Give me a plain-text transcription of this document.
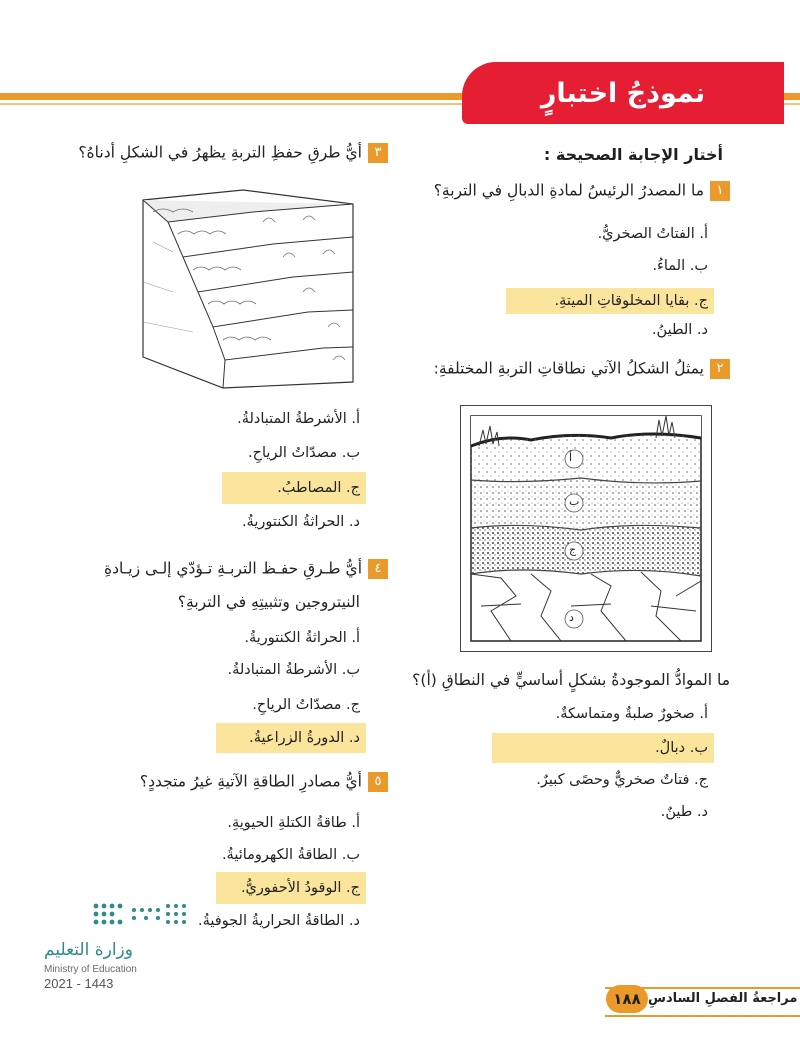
نموذجُ اختبارٍ
أختار الإجابة الصحيحة :
١ما المصدرُ الرئيسُ لمادةِ الدبالِ في التربةِ؟
أ. الفتاتُ الصخريُّ.
ب. الماءُ.
ج. بقايا المخلوقاتِ الميتةِ.
د. الطينُ.
٢يمثلُ الشكلُ الآتي نطاقاتِ التربةِ المختلفةِ:
أ
ب
ج
د
ما الموادُّ الموجودةُ بشكلٍ أساسيٍّ في النطاقِ (أ)؟
أ. صخورٌ صلبةٌ ومتماسكةٌ.
ب. دبالٌ.
ج. فتاتٌ صخريٌّ وحصًى كبيرٌ.
د. طينٌ.
٣أيُّ طرقِ حفظِ التربةِ يظهرُ في الشكلِ أدناهُ؟
أ. الأشرطةُ المتبادلةُ.
ب. مصدّاتُ الرياحِ.
ج. المصاطبُ.
د. الحراثةُ الكنتوريةُ.
٤أيُّ طـرقِ حفـظ التربـةِ تـؤدّي إلـى زيـادةِ
النيتروجين وتثبيتِهِ في التربةِ؟
أ. الحراثةُ الكنتوريةُ.
ب. الأشرطةُ المتبادلةُ.
ج. مصدّاتُ الرياحِ.
د. الدورةُ الزراعيةُ.
٥أيُّ مصادرِ الطاقةِ الآتيةِ غيرُ متجددٍ؟
أ. طاقةُ الكتلةِ الحيويةِ.
ب. الطاقةُ الكهرومائيةُ.
ج. الوقودُ الأحفوريُّ.
د. الطاقةُ الحراريةُ الجوفيةُ.
وزارة التعليم
Ministry of Education
2021 - 1443
مراجعةُ الفصلِ السادسِ
١٨٨
